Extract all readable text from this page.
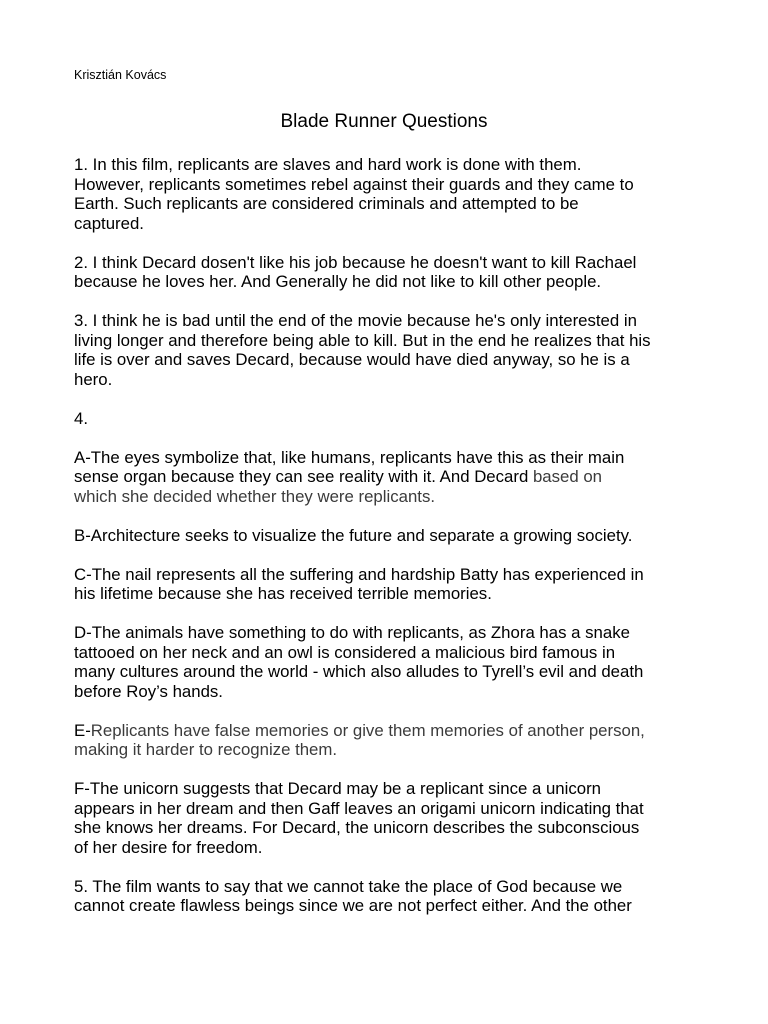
Krisztián Kovács
Blade Runner Questions

1. In this film, replicants are slaves and hard work is done with them.
However, replicants sometimes rebel against their guards and they came to
Earth. Such replicants are considered criminals and attempted to be
captured.

2. I think Decard dosen't like his job because he doesn't want to kill Rachael
because he loves her. And Generally he did not like to kill other people.

3. I think he is bad until the end of the movie because he's only interested in
living longer and therefore being able to kill. But in the end he realizes that his
life is over and saves Decard, because would have died anyway, so he is a
hero.

4.

A-The eyes symbolize that, like humans, replicants have this as their main
sense organ because they can see reality with it. And Decard based on
which she decided whether they were replicants.

B-Architecture seeks to visualize the future and separate a growing society.

C-The nail represents all the suffering and hardship Batty has experienced in
his lifetime because she has received terrible memories.

D-The animals have something to do with replicants, as Zhora has a snake
tattooed on her neck and an owl is considered a malicious bird famous in
many cultures around the world - which also alludes to Tyrell’s evil and death
before Roy’s hands.

E-Replicants have false memories or give them memories of another person,
making it harder to recognize them.

F-The unicorn suggests that Decard may be a replicant since a unicorn
appears in her dream and then Gaff leaves an origami unicorn indicating that
she knows her dreams. For Decard, the unicorn describes the subconscious
of her desire for freedom.

5. The film wants to say that we cannot take the place of God because we
cannot create flawless beings since we are not perfect either. And the other
